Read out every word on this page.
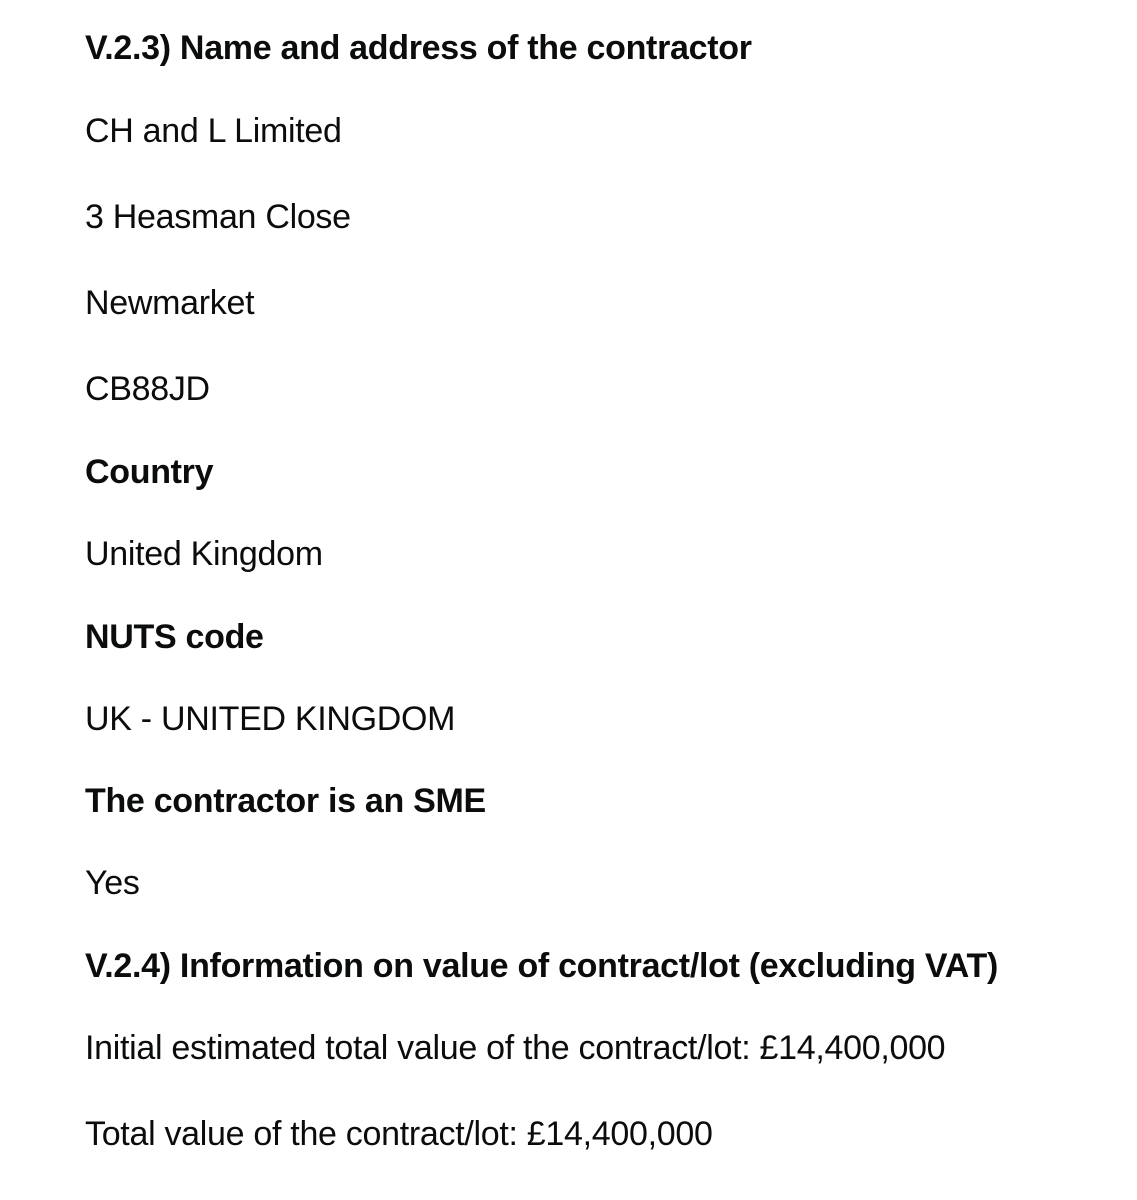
V.2.3) Name and address of the contractor
CH and L Limited
3 Heasman Close
Newmarket
CB88JD
Country
United Kingdom
NUTS code
UK - UNITED KINGDOM
The contractor is an SME
Yes
V.2.4) Information on value of contract/lot (excluding VAT)
Initial estimated total value of the contract/lot: £14,400,000
Total value of the contract/lot: £14,400,000
